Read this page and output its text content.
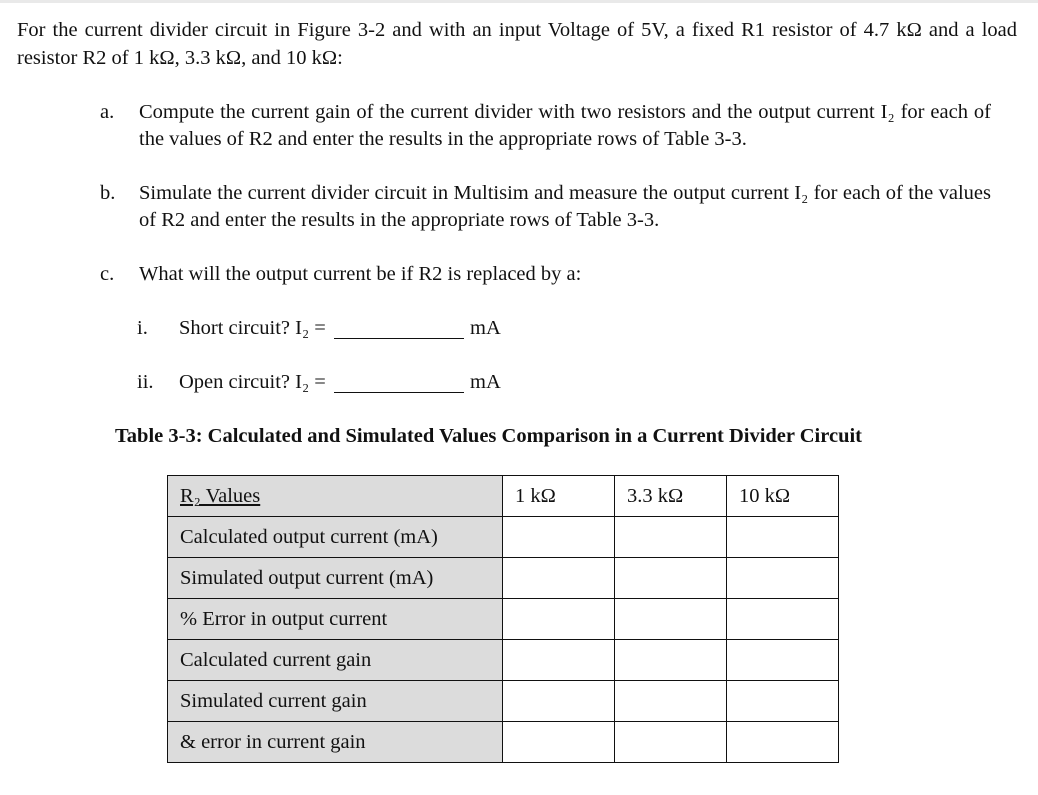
For the current divider circuit in Figure 3-2 and with an input Voltage of 5V, a fixed R1 resistor of 4.7 kΩ and a load resistor R2 of 1 kΩ, 3.3 kΩ, and 10 kΩ:
a. Compute the current gain of the current divider with two resistors and the output current I₂ for each of the values of R2 and enter the results in the appropriate rows of Table 3-3.
b. Simulate the current divider circuit in Multisim and measure the output current I₂ for each of the values of R2 and enter the results in the appropriate rows of Table 3-3.
c. What will the output current be if R2 is replaced by a:
i. Short circuit? I₂ =	mA
ii. Open circuit? I₂ =	mA
Table 3-3: Calculated and Simulated Values Comparison in a Current Divider Circuit
R₂ Values	1 kΩ	3.3 kΩ	10 kΩ
Calculated output current (mA)			
Simulated output current (mA)			
% Error in output current			
Calculated current gain			
Simulated current gain			
& error in current gain			
